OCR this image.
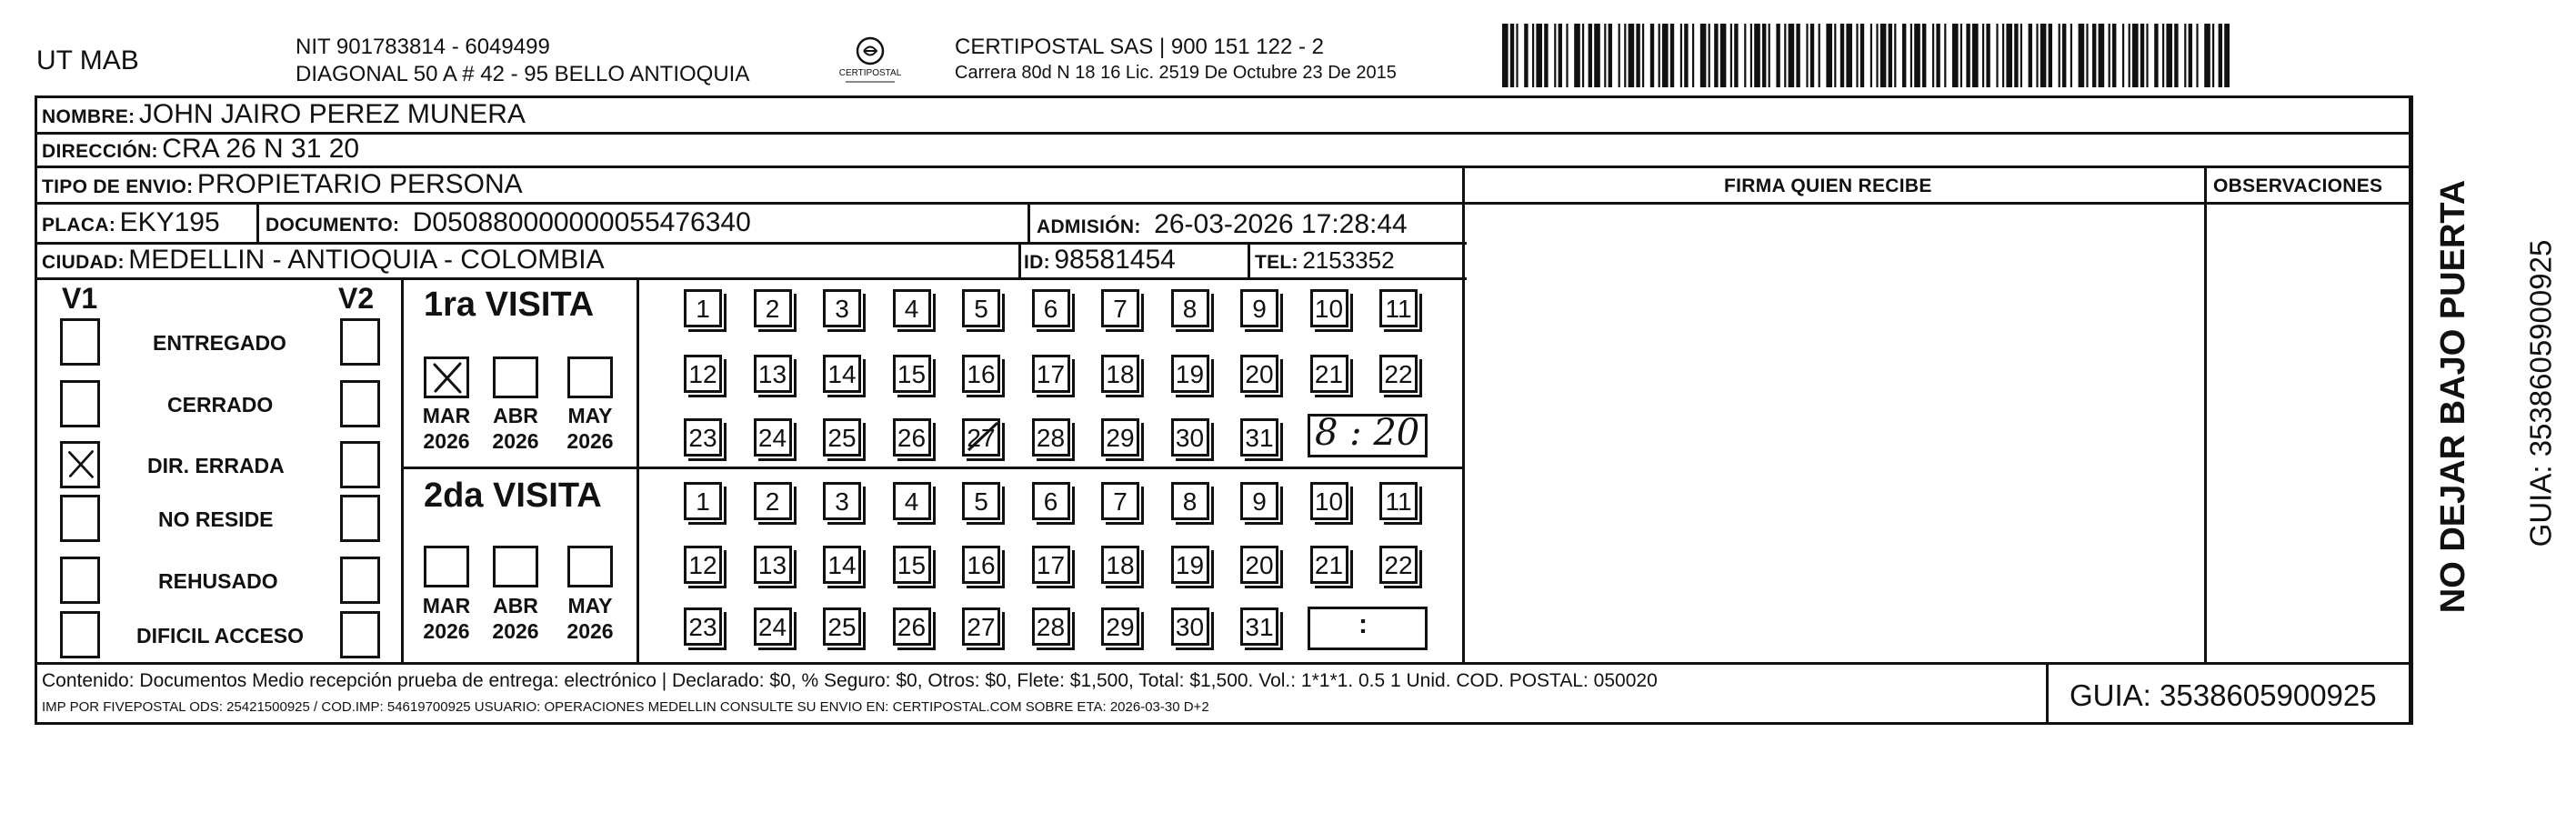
UT MAB	NIT 901783814 - 6049499
DIAGONAL 50 A # 42 - 95 BELLO ANTIOQUIA	CERTIPOSTAL
CERTIPOSTAL SAS | 900 151 122 - 2
Carrera 80d N 18 16 Lic. 2519 De Octubre 23 De 2015
NOMBRE: JOHN JAIRO PEREZ MUNERA
DIRECCIÓN: CRA 26 N 31 20
TIPO DE ENVIO: PROPIETARIO PERSONA
PLACA: EKY195 DOCUMENTO: D050880000000055476340	ADMISIÓN: 26-03-2026 17:28:44
CIUDAD: MEDELLIN - ANTIOQUIA - COLOMBIA	ID: 98581454	TEL: 2153352
FIRMA QUIEN RECIBE	OBSERVACIONES
V1	V2
ENTREGADO
CERRADO
DIR. ERRADA
NO RESIDE
REHUSADO
DIFICIL ACCESO
1ra VISITA
MAR
2026
ABR
2026
MAY
2026
1	2	3	4	5	6	7	8	9	10 11
12 13 14 15 16 17 18 19 20 21 22
23 24 25 26 27 28 29 30 31 8 : 20
2da VISITA
MAR
2026
ABR
2026
MAY
2026
1	2	3	4	5	6	7	8	9	10 11
12 13 14 15 16 17 18 19 20 21 22
23 24 25 26 27 28 29 30 31	:
Contenido: Documentos Medio recepción prueba de entrega: electrónico | Declarado: $0, % Seguro: $0, Otros: $0, Flete: $1,500, Total: $1,500. Vol.: 1*1*1. 0.5 1 Unid. COD. POSTAL: 050020
IMP POR FIVEPOSTAL ODS: 25421500925 / COD.IMP: 54619700925 USUARIO: OPERACIONES MEDELLIN CONSULTE SU ENVIO EN: CERTIPOSTAL.COM SOBRE ETA: 2026-03-30 D+2	GUIA: 3538605900925
NO DEJAR BAJO PUERTA GUIA: 3538605900925
